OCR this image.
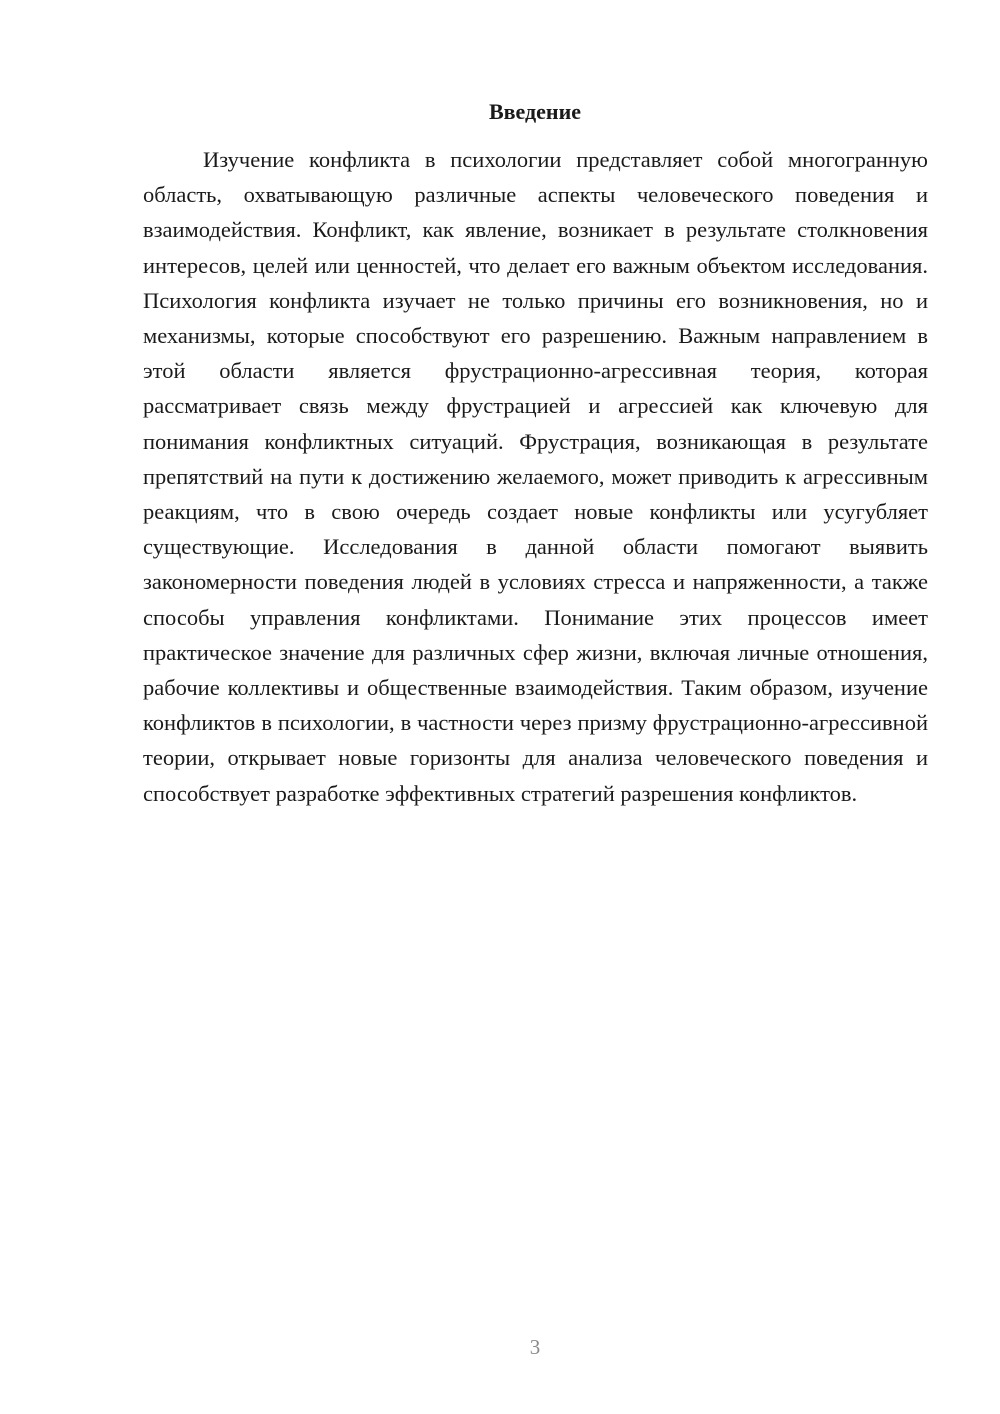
Введение

Изучение конфликта в психологии представляет собой многогранную область, охватывающую различные аспекты человеческого поведения и взаимодействия. Конфликт, как явление, возникает в результате столкновения интересов, целей или ценностей, что делает его важным объектом исследования. Психология конфликта изучает не только причины его возникновения, но и механизмы, которые способствуют его разрешению. Важным направлением в этой области является фрустрационно-агрессивная теория, которая рассматривает связь между фрустрацией и агрессией как ключевую для понимания конфликтных ситуаций. Фрустрация, возникающая в результате препятствий на пути к достижению желаемого, может приводить к агрессивным реакциям, что в свою очередь создает новые конфликты или усугубляет существующие. Исследования в данной области помогают выявить закономерности поведения людей в условиях стресса и напряженности, а также способы управления конфликтами. Понимание этих процессов имеет практическое значение для различных сфер жизни, включая личные отношения, рабочие коллективы и общественные взаимодействия. Таким образом, изучение конфликтов в психологии, в частности через призму фрустрационно-агрессивной теории, открывает новые горизонты для анализа человеческого поведения и способствует разработке эффективных стратегий разрешения конфликтов.

3
